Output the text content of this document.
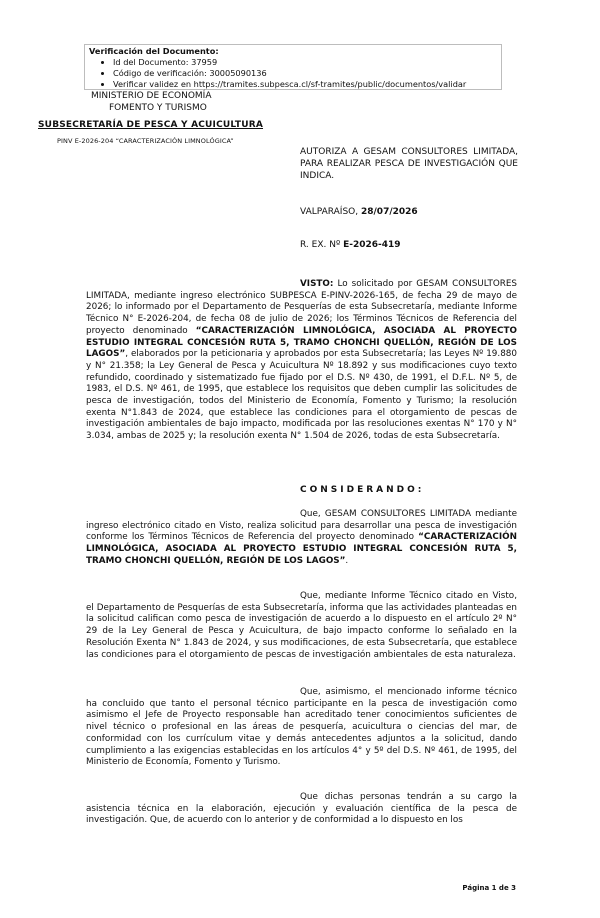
Verificación del Documento:
• Id del Documento: 37959
• Código de verificación: 30005090136
• Verificar validez en https://tramites.subpesca.cl/sf-tramites/public/documentos/validar
MINISTERIO DE ECONOMÍA
FOMENTO Y TURISMO
SUBSECRETARÍA DE PESCA Y ACUICULTURA
PINV E-2026-204 “CARACTERIZACIÓN LIMNOLÓGICA”
AUTORIZA A GESAM CONSULTORES LIMITADA, PARA REALIZAR PESCA DE INVESTIGACIÓN QUE INDICA.
VALPARAÍSO, 28/07/2026
R. EX. Nº E-2026-419

VISTO: Lo solicitado por GESAM CONSULTORES LIMITADA, mediante ingreso electrónico SUBPESCA E-PINV-2026-165, de fecha 29 de mayo de 2026; lo informado por el Departamento de Pesquerías de esta Subsecretaría, mediante Informe Técnico N° E-2026-204, de fecha 08 de julio de 2026; los Términos Técnicos de Referencia del proyecto denominado “CARACTERIZACIÓN LIMNOLÓGICA, ASOCIADA AL PROYECTO ESTUDIO INTEGRAL CONCESIÓN RUTA 5, TRAMO CHONCHI QUELLÓN, REGIÓN DE LOS LAGOS”, elaborados por la peticionaria y aprobados por esta Subsecretaría; las Leyes Nº 19.880 y N° 21.358; la Ley General de Pesca y Acuicultura Nº 18.892 y sus modificaciones cuyo texto refundido, coordinado y sistematizado fue fijado por el D.S. Nº 430, de 1991, el D.F.L. Nº 5, de 1983, el D.S. Nº 461, de 1995, que establece los requisitos que deben cumplir las solicitudes de pesca de investigación, todos del Ministerio de Economía, Fomento y Turismo; la resolución exenta N°1.843 de 2024, que establece las condiciones para el otorgamiento de pescas de investigación ambientales de bajo impacto, modificada por las resoluciones exentas N° 170 y N° 3.034, ambas de 2025 y; la resolución exenta N° 1.504 de 2026, todas de esta Subsecretaría.

CONSIDERANDO:

Que, GESAM CONSULTORES LIMITADA mediante ingreso electrónico citado en Visto, realiza solicitud para desarrollar una pesca de investigación conforme los Términos Técnicos de Referencia del proyecto denominado “CARACTERIZACIÓN LIMNOLÓGICA, ASOCIADA AL PROYECTO ESTUDIO INTEGRAL CONCESIÓN RUTA 5, TRAMO CHONCHI QUELLÓN, REGIÓN DE LOS LAGOS”.

Que, mediante Informe Técnico citado en Visto, el Departamento de Pesquerías de esta Subsecretaría, informa que las actividades planteadas en la solicitud califican como pesca de investigación de acuerdo a lo dispuesto en el artículo 2º N° 29 de la Ley General de Pesca y Acuicultura, de bajo impacto conforme lo señalado en la Resolución Exenta N° 1.843 de 2024, y sus modificaciones, de esta Subsecretaría, que establece las condiciones para el otorgamiento de pescas de investigación ambientales de esta naturaleza.

Que, asimismo, el mencionado informe técnico ha concluido que tanto el personal técnico participante en la pesca de investigación como asimismo el Jefe de Proyecto responsable han acreditado tener conocimientos suficientes de nivel técnico o profesional en las áreas de pesquería, acuicultura o ciencias del mar, de conformidad con los currículum vitae y demás antecedentes adjuntos a la solicitud, dando cumplimiento a las exigencias establecidas en los artículos 4° y 5º del D.S. Nº 461, de 1995, del Ministerio de Economía, Fomento y Turismo.

Que dichas personas tendrán a su cargo la asistencia técnica en la elaboración, ejecución y evaluación científica de la pesca de investigación. Que, de acuerdo con lo anterior y de conformidad a lo dispuesto en los

Página 1 de 3
